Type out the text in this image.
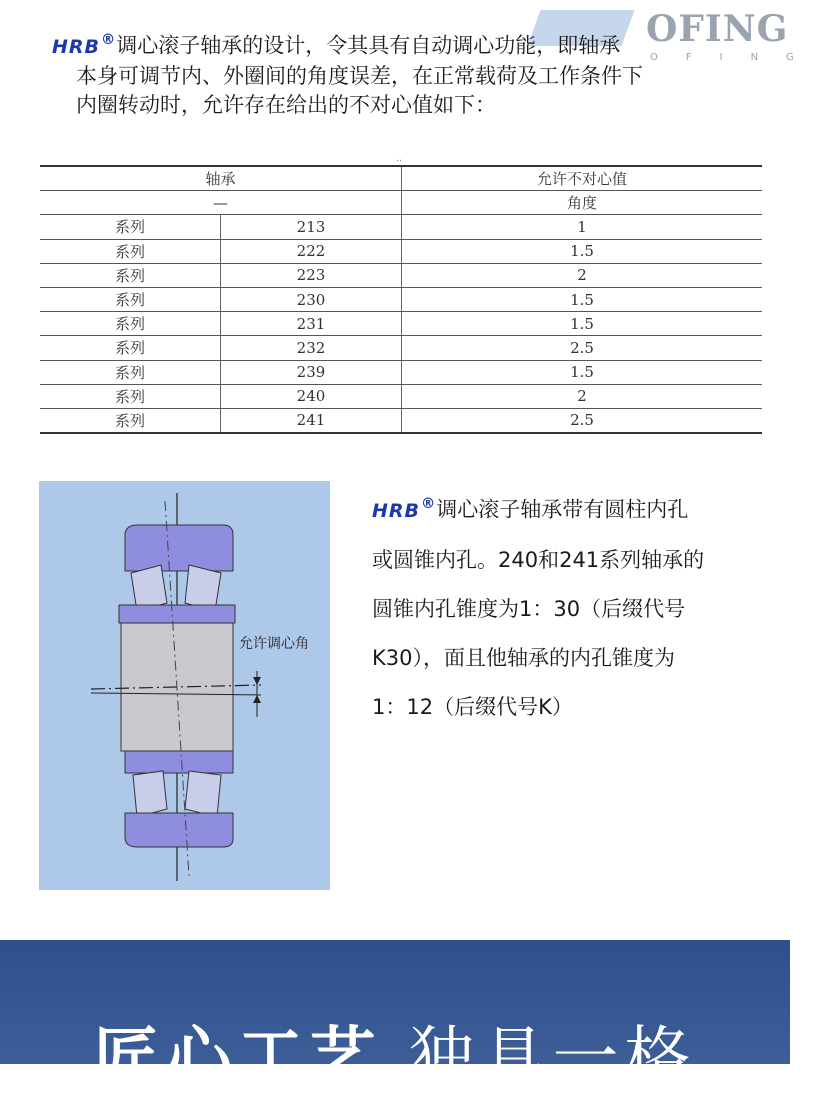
OFING
OFING
HRB®调心滚子轴承的设计，令其具有自动调心功能，即轴承
本身可调节内、外圈间的角度误差，在正常载荷及工作条件下
内圈转动时，允许存在给出的不对心值如下：
··
轴承		允许不对心值
—		角度
系列	213	1
系列	222	1.5
系列	223	2
系列	230	1.5
系列	231	1.5
系列	232	2.5
系列	239	1.5
系列	240	2
系列	241	2.5
允许调心角
HRB®调心滚子轴承带有圆柱内孔
或圆锥内孔。240和241系列轴承的
圆锥内孔锥度为1：30（后缀代号
K30），面且他轴承的内孔锥度为
1：12（后缀代号K）
匠心工艺 独具一格
